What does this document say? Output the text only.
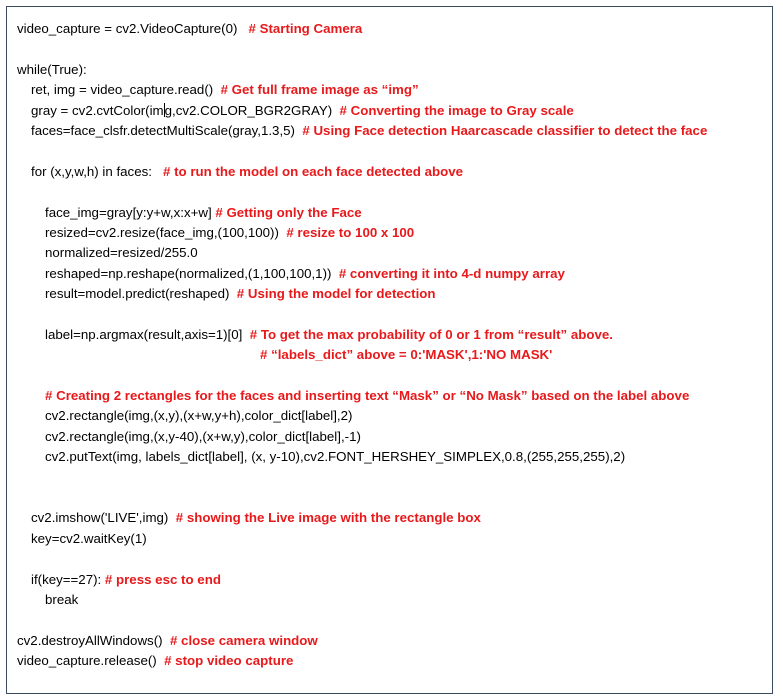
video_capture = cv2.VideoCapture(0)   # Starting Camera
while(True):
ret, img = video_capture.read()  # Get full frame image as “img”
gray = cv2.cvtColor(img,cv2.COLOR_BGR2GRAY)  # Converting the image to Gray scale
faces=face_clsfr.detectMultiScale(gray,1.3,5)  # Using Face detection Haarcascade classifier to detect the face
for (x,y,w,h) in faces:   # to run the model on each face detected above
face_img=gray[y:y+w,x:x+w] # Getting only the Face
resized=cv2.resize(face_img,(100,100))  # resize to 100 x 100
normalized=resized/255.0
reshaped=np.reshape(normalized,(1,100,100,1))  # converting it into 4-d numpy array
result=model.predict(reshaped)  # Using the model for detection
label=np.argmax(result,axis=1)[0]  # To get the max probability of 0 or 1 from “result” above.
# “labels_dict” above = 0:'MASK',1:'NO MASK'
# Creating 2 rectangles for the faces and inserting text “Mask” or “No Mask” based on the label above
cv2.rectangle(img,(x,y),(x+w,y+h),color_dict[label],2)
cv2.rectangle(img,(x,y-40),(x+w,y),color_dict[label],-1)
cv2.putText(img, labels_dict[label], (x, y-10),cv2.FONT_HERSHEY_SIMPLEX,0.8,(255,255,255),2)
cv2.imshow('LIVE',img)  # showing the Live image with the rectangle box
key=cv2.waitKey(1)
if(key==27): # press esc to end
break
cv2.destroyAllWindows()  # close camera window
video_capture.release()  # stop video capture
